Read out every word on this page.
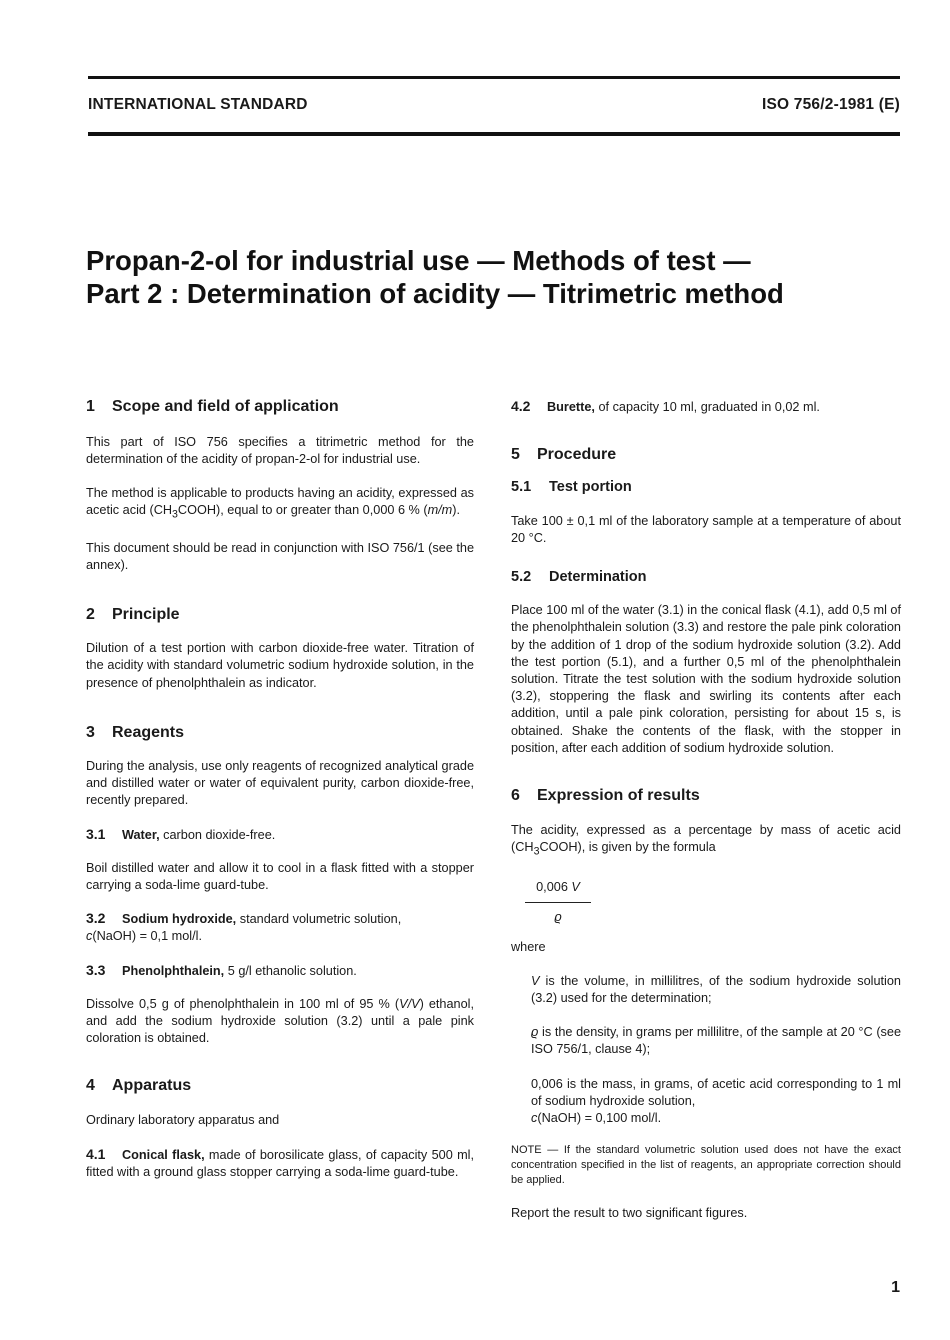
INTERNATIONAL STANDARD	ISO 756/2-1981 (E)
Propan-2-ol for industrial use — Methods of test —
Part 2 : Determination of acidity — Titrimetric method
1 Scope and field of application

This part of ISO 756 specifies a titrimetric method for the determination of the acidity of propan-2-ol for industrial use.

The method is applicable to products having an acidity, expressed as acetic acid $(CH_3COOH)$, equal to or greater than 0,000 6 % (m/m).

This document should be read in conjunction with ISO 756/1 (see the annex).

2 Principle

Dilution of a test portion with carbon dioxide-free water. Titration of the acidity with standard volumetric sodium hydroxide solution, in the presence of phenolphthalein as indicator.

3 Reagents

During the analysis, use only reagents of recognized analytical grade and distilled water or water of equivalent purity, carbon dioxide-free, recently prepared.

3.1 Water, carbon dioxide-free.

Boil distilled water and allow it to cool in a flask fitted with a stopper carrying a soda-lime guard-tube.

3.2 Sodium hydroxide, standard volumetric solution,
c(NaOH) = 0,1 mol/l.

3.3 Phenolphthalein, 5 g/l ethanolic solution.

Dissolve 0,5 g of phenolphthalein in 100 ml of 95 % (V/V) ethanol, and add the sodium hydroxide solution (3.2) until a pale pink coloration is obtained.

4 Apparatus

Ordinary laboratory apparatus and

4.1 Conical flask, made of borosilicate glass, of capacity 500 ml, fitted with a ground glass stopper carrying a soda-lime guard-tube.

4.2 Burette, of capacity 10 ml, graduated in 0,02 ml.

5 Procedure
5.1 Test portion

Take 100 ± 0,1 ml of the laboratory sample at a temperature of about 20 °C.

5.2 Determination

Place 100 ml of the water (3.1) in the conical flask (4.1), add 0,5 ml of the phenolphthalein solution (3.3) and restore the pale pink coloration by the addition of 1 drop of the sodium hydroxide solution (3.2). Add the test portion (5.1), and a further 0,5 ml of the phenolphthalein solution. Titrate the test solution with the sodium hydroxide solution (3.2), stoppering the flask and swirling its contents after each addition, until a pale pink coloration, persisting for about 15 s, is obtained. Shake the contents of the flask, with the stopper in position, after each addition of sodium hydroxide solution.

6 Expression of results

The acidity, expressed as a percentage by mass of acetic acid $(CH_3COOH)$, is given by the formula

0,006 V
ϱ

where

V is the volume, in millilitres, of the sodium hydroxide solution (3.2) used for the determination;

ϱ is the density, in grams per millilitre, of the sample at 20 °C (see ISO 756/1, clause 4);

0,006 is the mass, in grams, of acetic acid corresponding to 1 ml of sodium hydroxide solution,
c(NaOH) = 0,100 mol/l.

NOTE — If the standard volumetric solution used does not have the exact concentration specified in the list of reagents, an appropriate correction should be applied.

Report the result to two significant figures.

1
